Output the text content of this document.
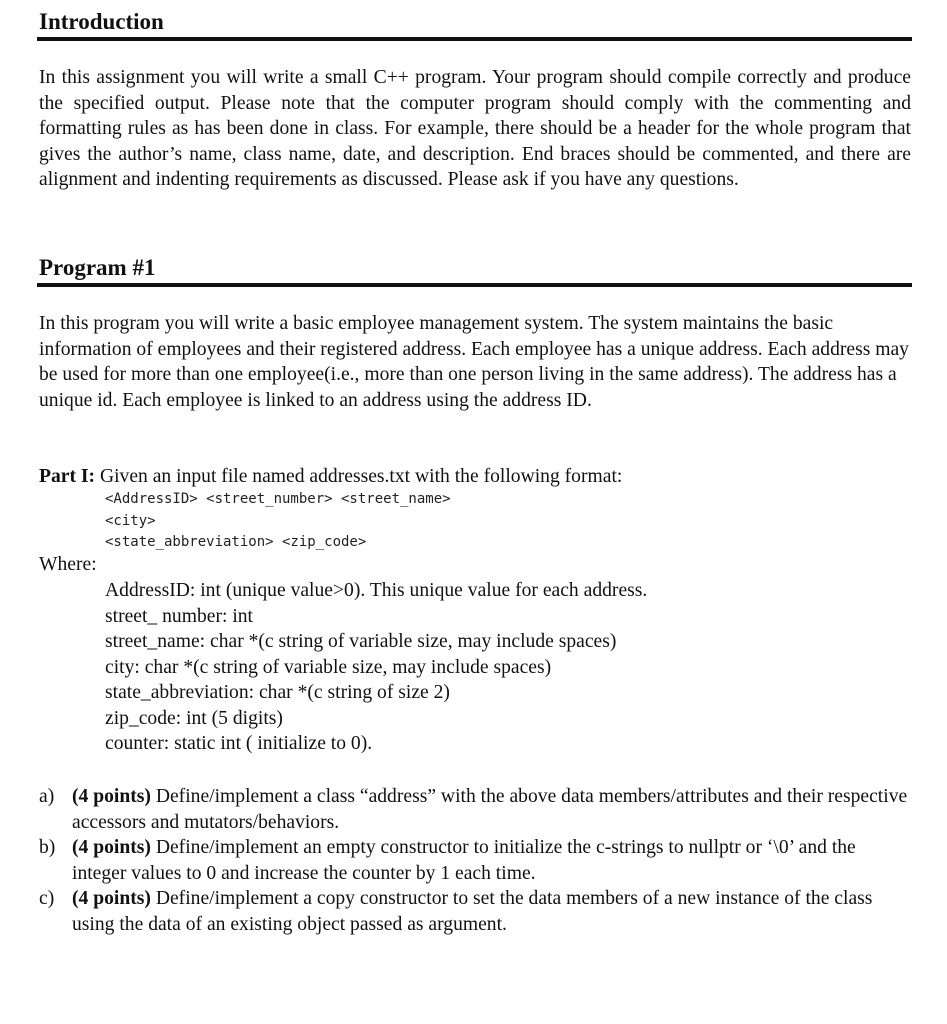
Introduction

In this assignment you will write a small C++ program. Your program should compile correctly and produce the specified output. Please note that the computer program should comply with the commenting and formatting rules as has been done in class. For example, there should be a header for the whole program that gives the author’s name, class name, date, and description. End braces should be commented, and there are alignment and indenting requirements as discussed. Please ask if you have any questions.

Program #1

In this program you will write a basic employee management system. The system maintains the basic information of employees and their registered address. Each employee has a unique address. Each address may be used for more than one employee(i.e., more than one person living in the same address). The address has a unique id. Each employee is linked to an address using the address ID.

Part I: Given an input file named addresses.txt with the following format:

<AddressID> <street_number> <street_name>
<city>
<state_abbreviation> <zip_code>

Where:

AddressID: int (unique value>0). This unique value for each address.
street_ number: int
street_name: char *(c string of variable size, may include spaces)
city: char *(c string of variable size, may include spaces)
state_abbreviation: char *(c string of size 2)
zip_code: int (5 digits)
counter: static int ( initialize to 0).
a) (4 points) Define/implement a class “address” with the above data members/attributes and their respective accessors and mutators/behaviors.
b) (4 points) Define/implement an empty constructor to initialize the c-strings to nullptr or ‘\0’ and the integer values to 0 and increase the counter by 1 each time.
c) (4 points) Define/implement a copy constructor to set the data members of a new instance of the class using the data of an existing object passed as argument.
